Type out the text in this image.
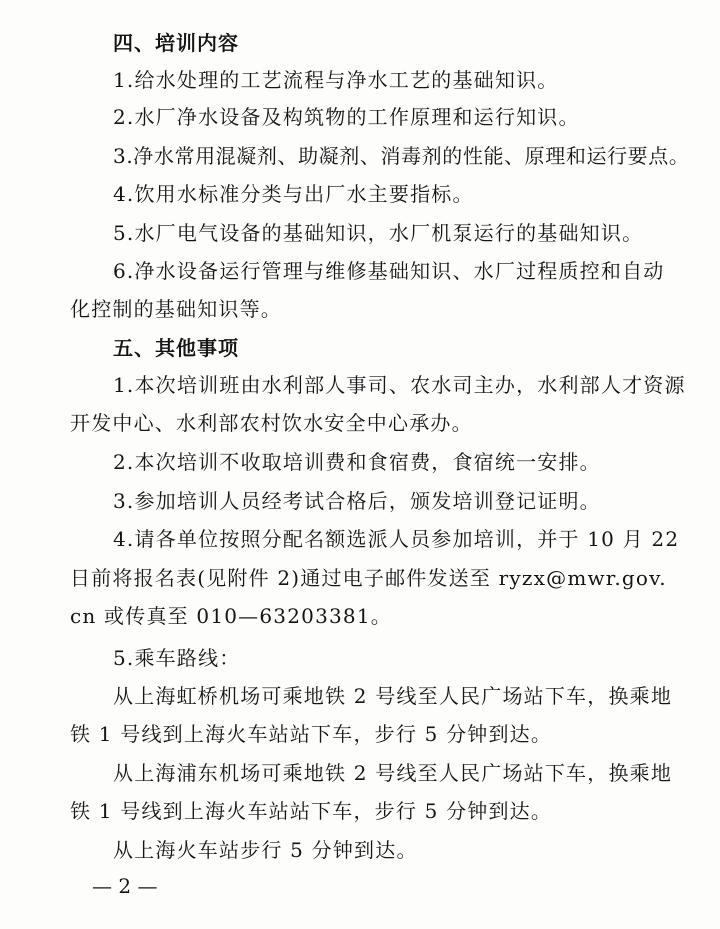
四、培训内容
1.给水处理的工艺流程与净水工艺的基础知识。
2.水厂净水设备及构筑物的工作原理和运行知识。
3.净水常用混凝剂、助凝剂、消毒剂的性能、原理和运行要点。
4.饮用水标准分类与出厂水主要指标。
5.水厂电气设备的基础知识，水厂机泵运行的基础知识。
6.净水设备运行管理与维修基础知识、水厂过程质控和自动
化控制的基础知识等。
五、其他事项
1.本次培训班由水利部人事司、农水司主办，水利部人才资源
开发中心、水利部农村饮水安全中心承办。
2.本次培训不收取培训费和食宿费，食宿统一安排。
3.参加培训人员经考试合格后，颁发培训登记证明。
4.请各单位按照分配名额选派人员参加培训，并于 10 月 22
日前将报名表(见附件 2)通过电子邮件发送至 ryzx@mwr.gov.
cn 或传真至 010—63203381。
5.乘车路线：
从上海虹桥机场可乘地铁 2 号线至人民广场站下车，换乘地
铁 1 号线到上海火车站站下车，步行 5 分钟到达。
从上海浦东机场可乘地铁 2 号线至人民广场站下车，换乘地
铁 1 号线到上海火车站站下车，步行 5 分钟到达。
从上海火车站步行 5 分钟到达。
— 2 —
